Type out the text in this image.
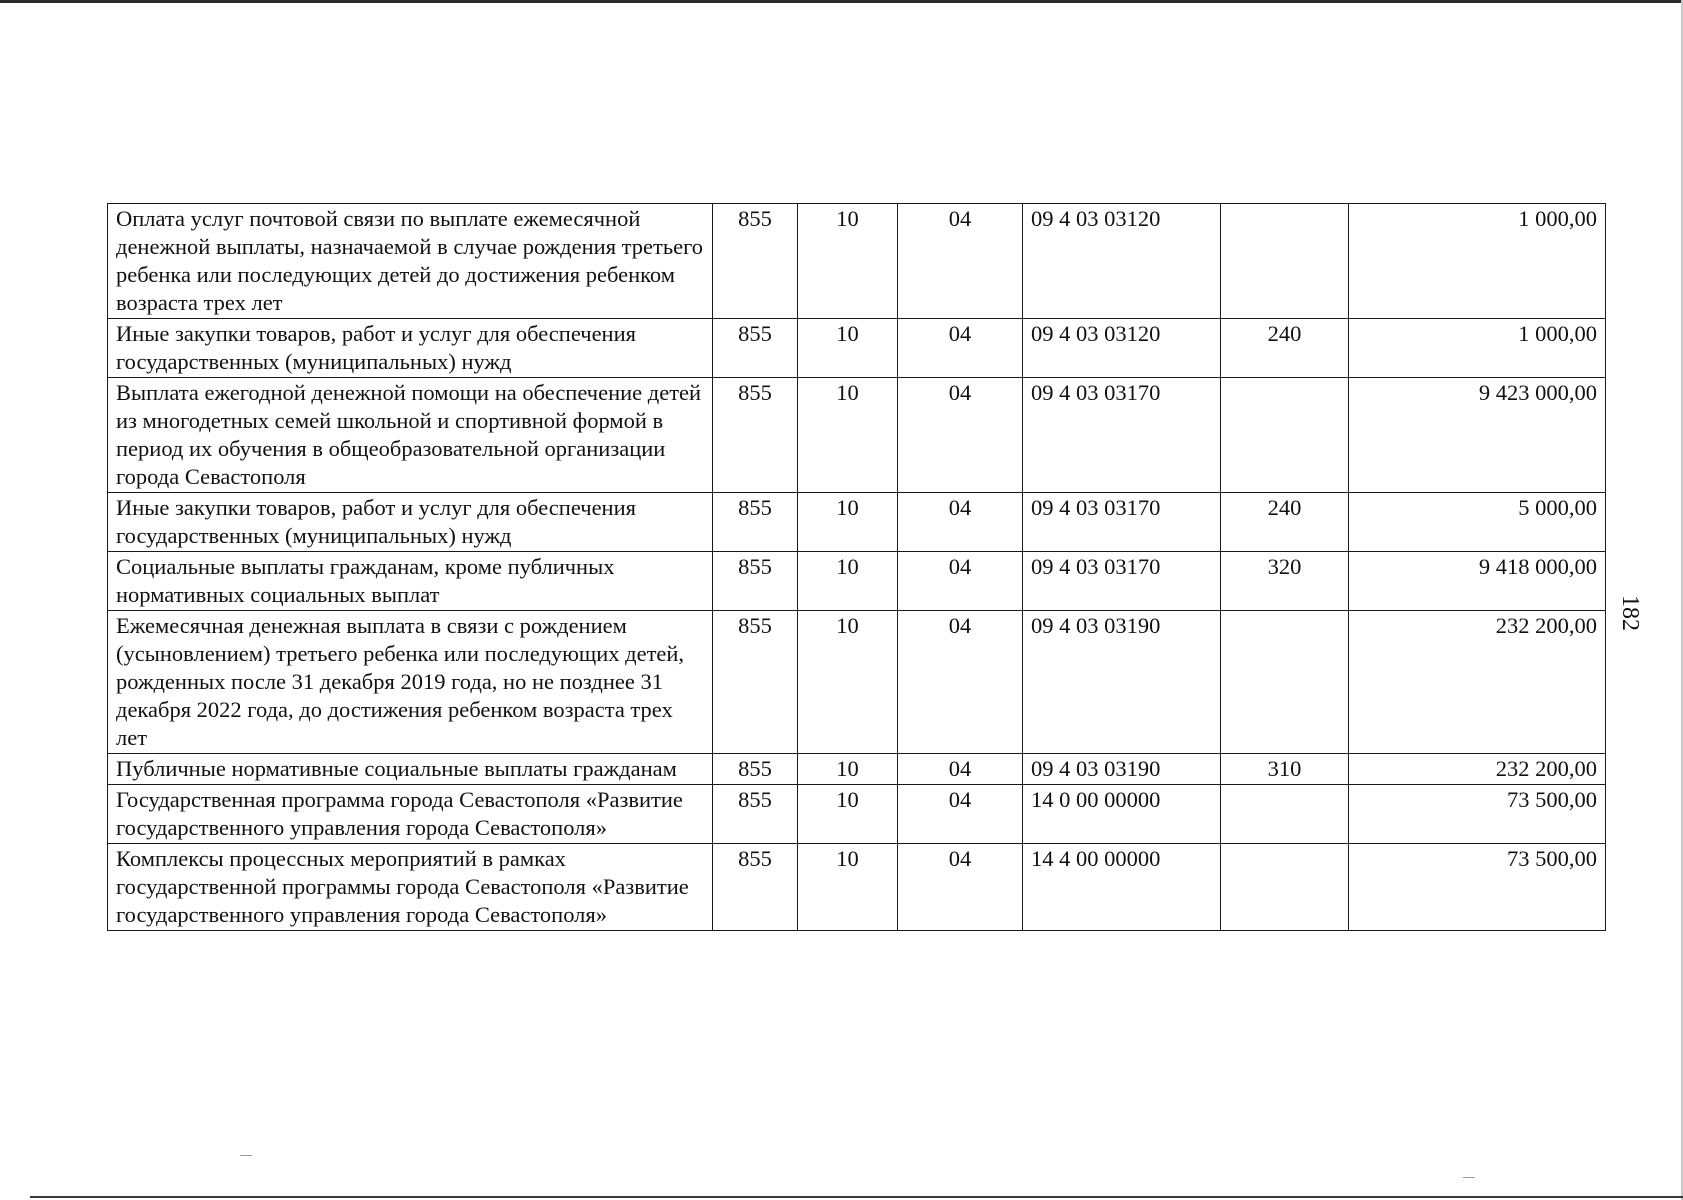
Оплата услуг почтовой связи по выплате ежемесячной денежной выплаты, назначаемой в случае рождения третьего ребенка или последующих детей до достижения ребенком возраста трех лет	855	10	04	09 4 03 03120		1 000,00
Иные закупки товаров, работ и услуг для обеспечения государственных (муниципальных) нужд	855	10	04	09 4 03 03120	240	1 000,00
Выплата ежегодной денежной помощи на обеспечение детей из многодетных семей школьной и спортивной формой в период их обучения в общеобразовательной организации города Севастополя	855	10	04	09 4 03 03170		9 423 000,00
Иные закупки товаров, работ и услуг для обеспечения государственных (муниципальных) нужд	855	10	04	09 4 03 03170	240	5 000,00
Социальные выплаты гражданам, кроме публичных нормативных социальных выплат	855	10	04	09 4 03 03170	320	9 418 000,00
Ежемесячная денежная выплата в связи с рождением (усыновлением) третьего ребенка или последующих детей, рожденных после 31 декабря 2019 года, но не позднее 31 декабря 2022 года, до достижения ребенком возраста трех лет	855	10	04	09 4 03 03190		232 200,00
Публичные нормативные социальные выплаты гражданам	855	10	04	09 4 03 03190	310	232 200,00
Государственная программа города Севастополя «Развитие государственного управления города Севастополя»	855	10	04	14 0 00 00000		73 500,00
Комплексы процессных мероприятий в рамках государственной программы города Севастополя «Развитие государственного управления города Севастополя»	855	10	04	14 4 00 00000		73 500,00
182
